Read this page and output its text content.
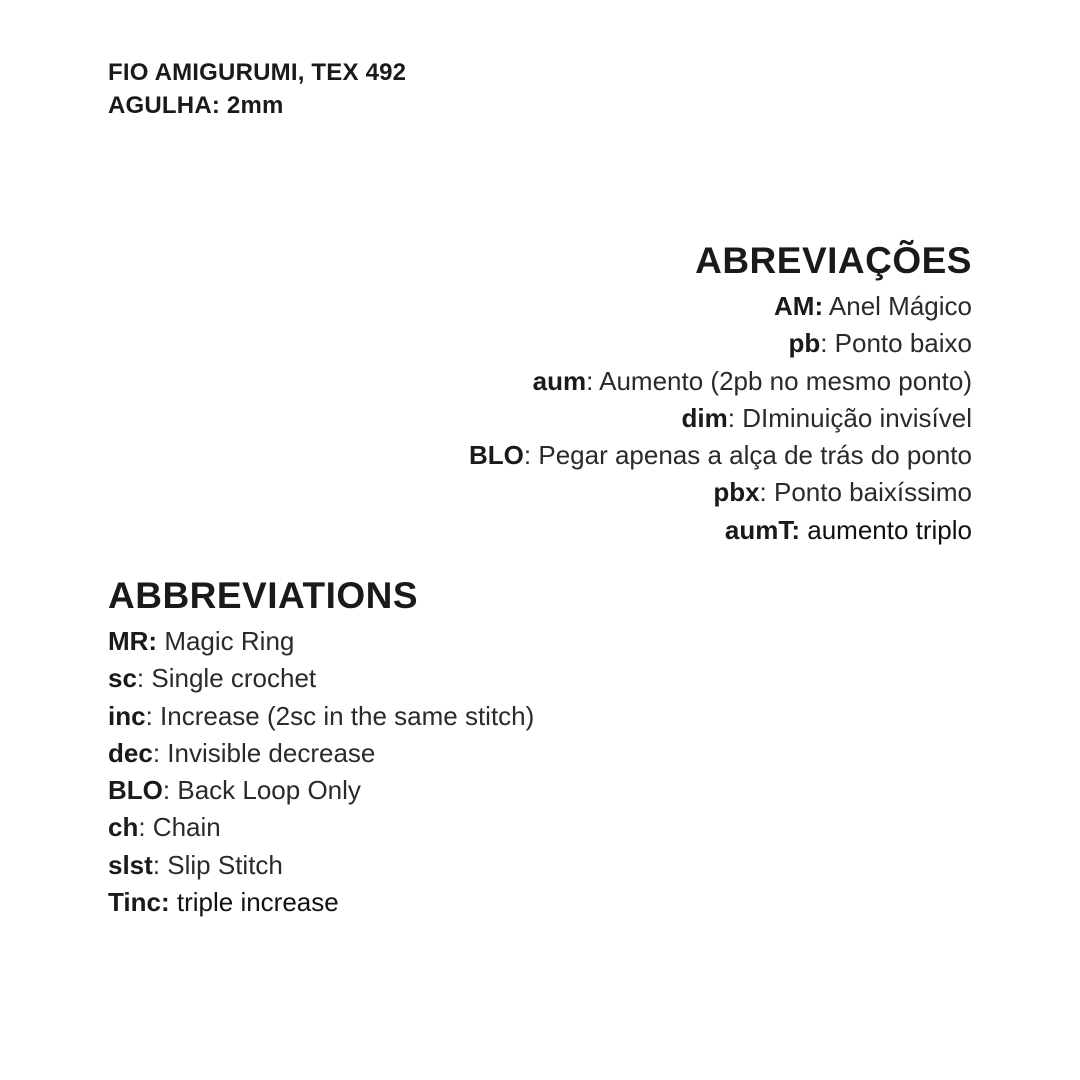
FIO AMIGURUMI, TEX 492
AGULHA: 2mm
ABREVIAÇÕES
AM: Anel Mágico
pb: Ponto baixo
aum: Aumento (2pb no mesmo ponto)
dim: DIminuição invisível
BLO: Pegar apenas a alça de trás do ponto
pbx: Ponto baixíssimo
aumT: aumento triplo
ABBREVIATIONS
MR: Magic Ring
sc: Single crochet
inc: Increase (2sc in the same stitch)
dec: Invisible decrease
BLO: Back Loop Only
ch: Chain
slst: Slip Stitch
Tinc: triple increase
